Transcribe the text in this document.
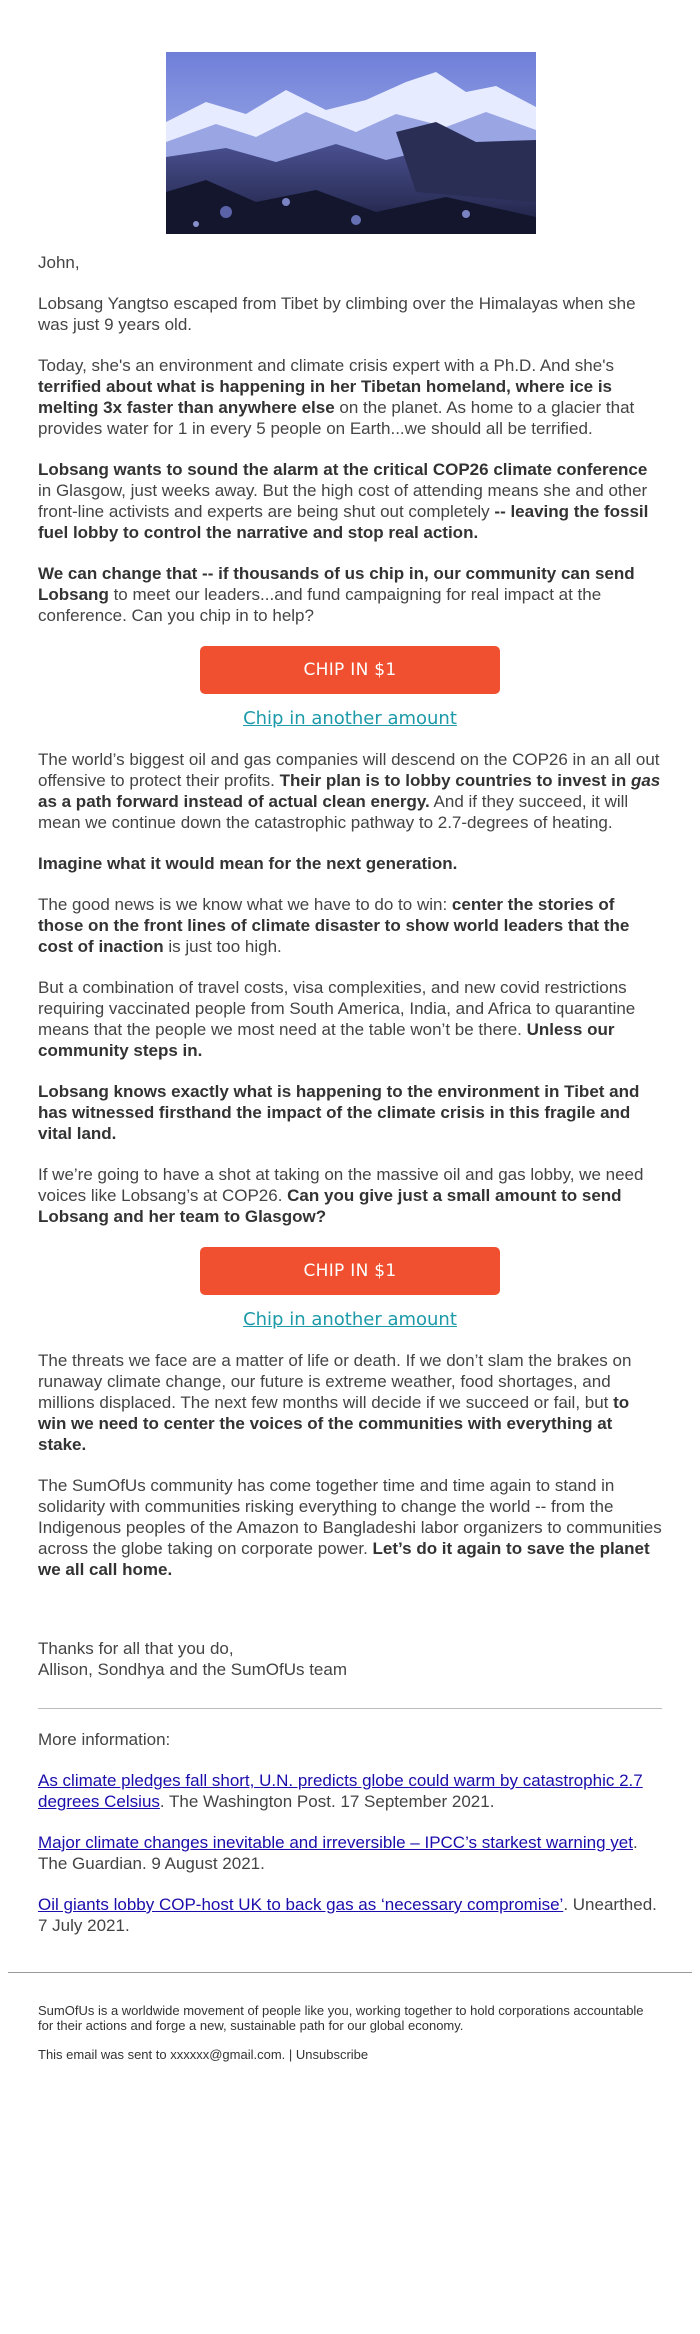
John,

Lobsang Yangtso escaped from Tibet by climbing over the Himalayas when she was just 9 years old.

Today, she's an environment and climate crisis expert with a Ph.D. And she's terrified about what is happening in her Tibetan homeland, where ice is melting 3x faster than anywhere else on the planet. As home to a glacier that provides water for 1 in every 5 people on Earth...we should all be terrified.

Lobsang wants to sound the alarm at the critical COP26 climate conference in Glasgow, just weeks away. But the high cost of attending means she and other front-line activists and experts are being shut out completely -- leaving the fossil fuel lobby to control the narrative and stop real action.

We can change that -- if thousands of us chip in, our community can send Lobsang to meet our leaders...and fund campaigning for real impact at the conference. Can you chip in to help?

CHIP IN $1
Chip in another amount

The world’s biggest oil and gas companies will descend on the COP26 in an all out offensive to protect their profits. Their plan is to lobby countries to invest in gas as a path forward instead of actual clean energy. And if they succeed, it will mean we continue down the catastrophic pathway to 2.7-degrees of heating.

Imagine what it would mean for the next generation.

The good news is we know what we have to do to win: center the stories of those on the front lines of climate disaster to show world leaders that the cost of inaction is just too high.

But a combination of travel costs, visa complexities, and new covid restrictions requiring vaccinated people from South America, India, and Africa to quarantine means that the people we most need at the table won’t be there. Unless our community steps in.

Lobsang knows exactly what is happening to the environment in Tibet and has witnessed firsthand the impact of the climate crisis in this fragile and vital land.

If we’re going to have a shot at taking on the massive oil and gas lobby, we need voices like Lobsang’s at COP26. Can you give just a small amount to send Lobsang and her team to Glasgow?

CHIP IN $1
Chip in another amount

The threats we face are a matter of life or death. If we don’t slam the brakes on runaway climate change, our future is extreme weather, food shortages, and millions displaced. The next few months will decide if we succeed or fail, but to win we need to center the voices of the communities with everything at stake.

The SumOfUs community has come together time and time again to stand in solidarity with communities risking everything to change the world -- from the Indigenous peoples of the Amazon to Bangladeshi labor organizers to communities across the globe taking on corporate power. Let’s do it again to save the planet we all call home.

Thanks for all that you do,
Allison, Sondhya and the SumOfUs team

More information:

As climate pledges fall short, U.N. predicts globe could warm by catastrophic 2.7 degrees Celsius. The Washington Post. 17 September 2021.

Major climate changes inevitable and irreversible – IPCC’s starkest warning yet. The Guardian. 9 August 2021.

Oil giants lobby COP-host UK to back gas as ‘necessary compromise’. Unearthed. 7 July 2021.

SumOfUs is a worldwide movement of people like you, working together to hold corporations accountable for their actions and forge a new, sustainable path for our global economy.

This email was sent to xxxxxx@gmail.com. | Unsubscribe
